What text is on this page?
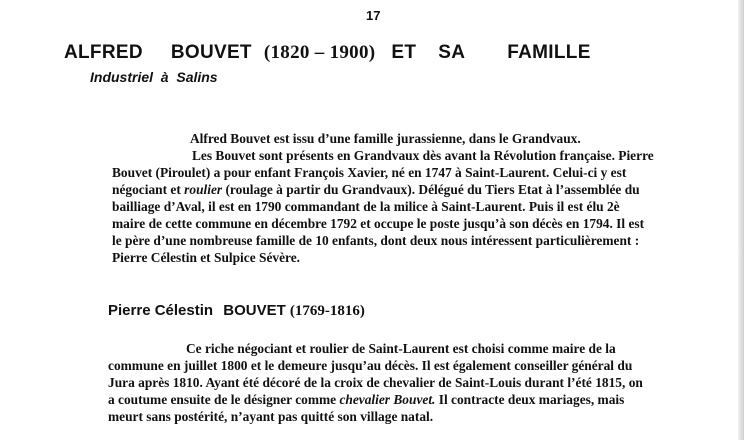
17
ALFRED BOUVET (1820 – 1900) ET SA FAMILLE
Industriel  à  Salins
Alfred Bouvet est issu d’une famille jurassienne, dans le Grandvaux.
Les Bouvet sont présents en Grandvaux dès avant la Révolution française. Pierre
Bouvet (Piroulet) a pour enfant François Xavier, né en 1747 à Saint-Laurent. Celui-ci y est
négociant et roulier (roulage à partir du Grandvaux). Délégué du Tiers Etat à l’assemblée du
bailliage d’Aval, il est en 1790 commandant de la milice à Saint-Laurent. Puis il est élu 2è
maire de cette commune en décembre 1792 et occupe le poste jusqu’à son décès en 1794. Il est
le père d’une nombreuse famille de 10 enfants, dont deux nous intéressent particulièrement :
Pierre Célestin et Sulpice Sévère.
Pierre Célestin BOUVET (1769-1816)
Ce riche négociant et roulier de Saint-Laurent est choisi comme maire de la
commune en juillet 1800 et le demeure jusqu’au décès. Il est également conseiller général du
Jura après 1810. Ayant été décoré de la croix de chevalier de Saint-Louis durant l’été 1815, on
a coutume ensuite de le désigner comme chevalier Bouvet. Il contracte deux mariages, mais
meurt sans postérité, n’ayant pas quitté son village natal.
